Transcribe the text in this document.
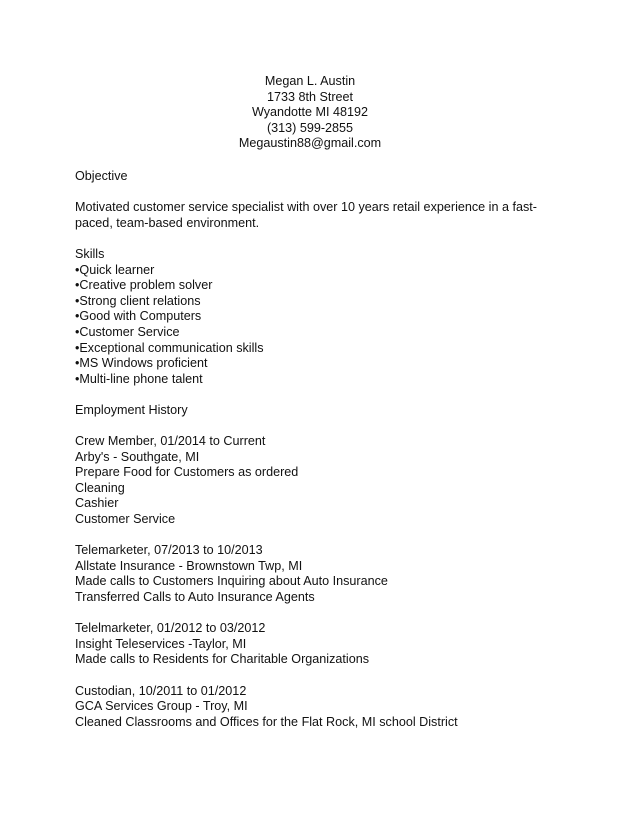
Megan L. Austin
1733 8th Street
Wyandotte MI 48192
(313) 599-2855
Megaustin88@gmail.com
Objective
Motivated customer service specialist with over 10 years retail experience in a fast-paced, team-based environment.
Skills
•Quick learner
•Creative problem solver
•Strong client relations
•Good with Computers
•Customer Service
•Exceptional communication skills
•MS Windows proficient
•Multi-line phone talent
Employment History
Crew Member, 01/2014 to Current
Arby's - Southgate, MI
Prepare Food for Customers as ordered
Cleaning
Cashier
Customer Service
Telemarketer, 07/2013 to 10/2013
Allstate Insurance - Brownstown Twp, MI
Made calls to Customers Inquiring about Auto Insurance
Transferred Calls to Auto Insurance Agents
Telelmarketer, 01/2012 to 03/2012
Insight Teleservices -Taylor, MI
Made calls to Residents for Charitable Organizations
Custodian, 10/2011 to 01/2012
GCA Services Group - Troy, MI
Cleaned Classrooms and Offices for the Flat Rock, MI school District
